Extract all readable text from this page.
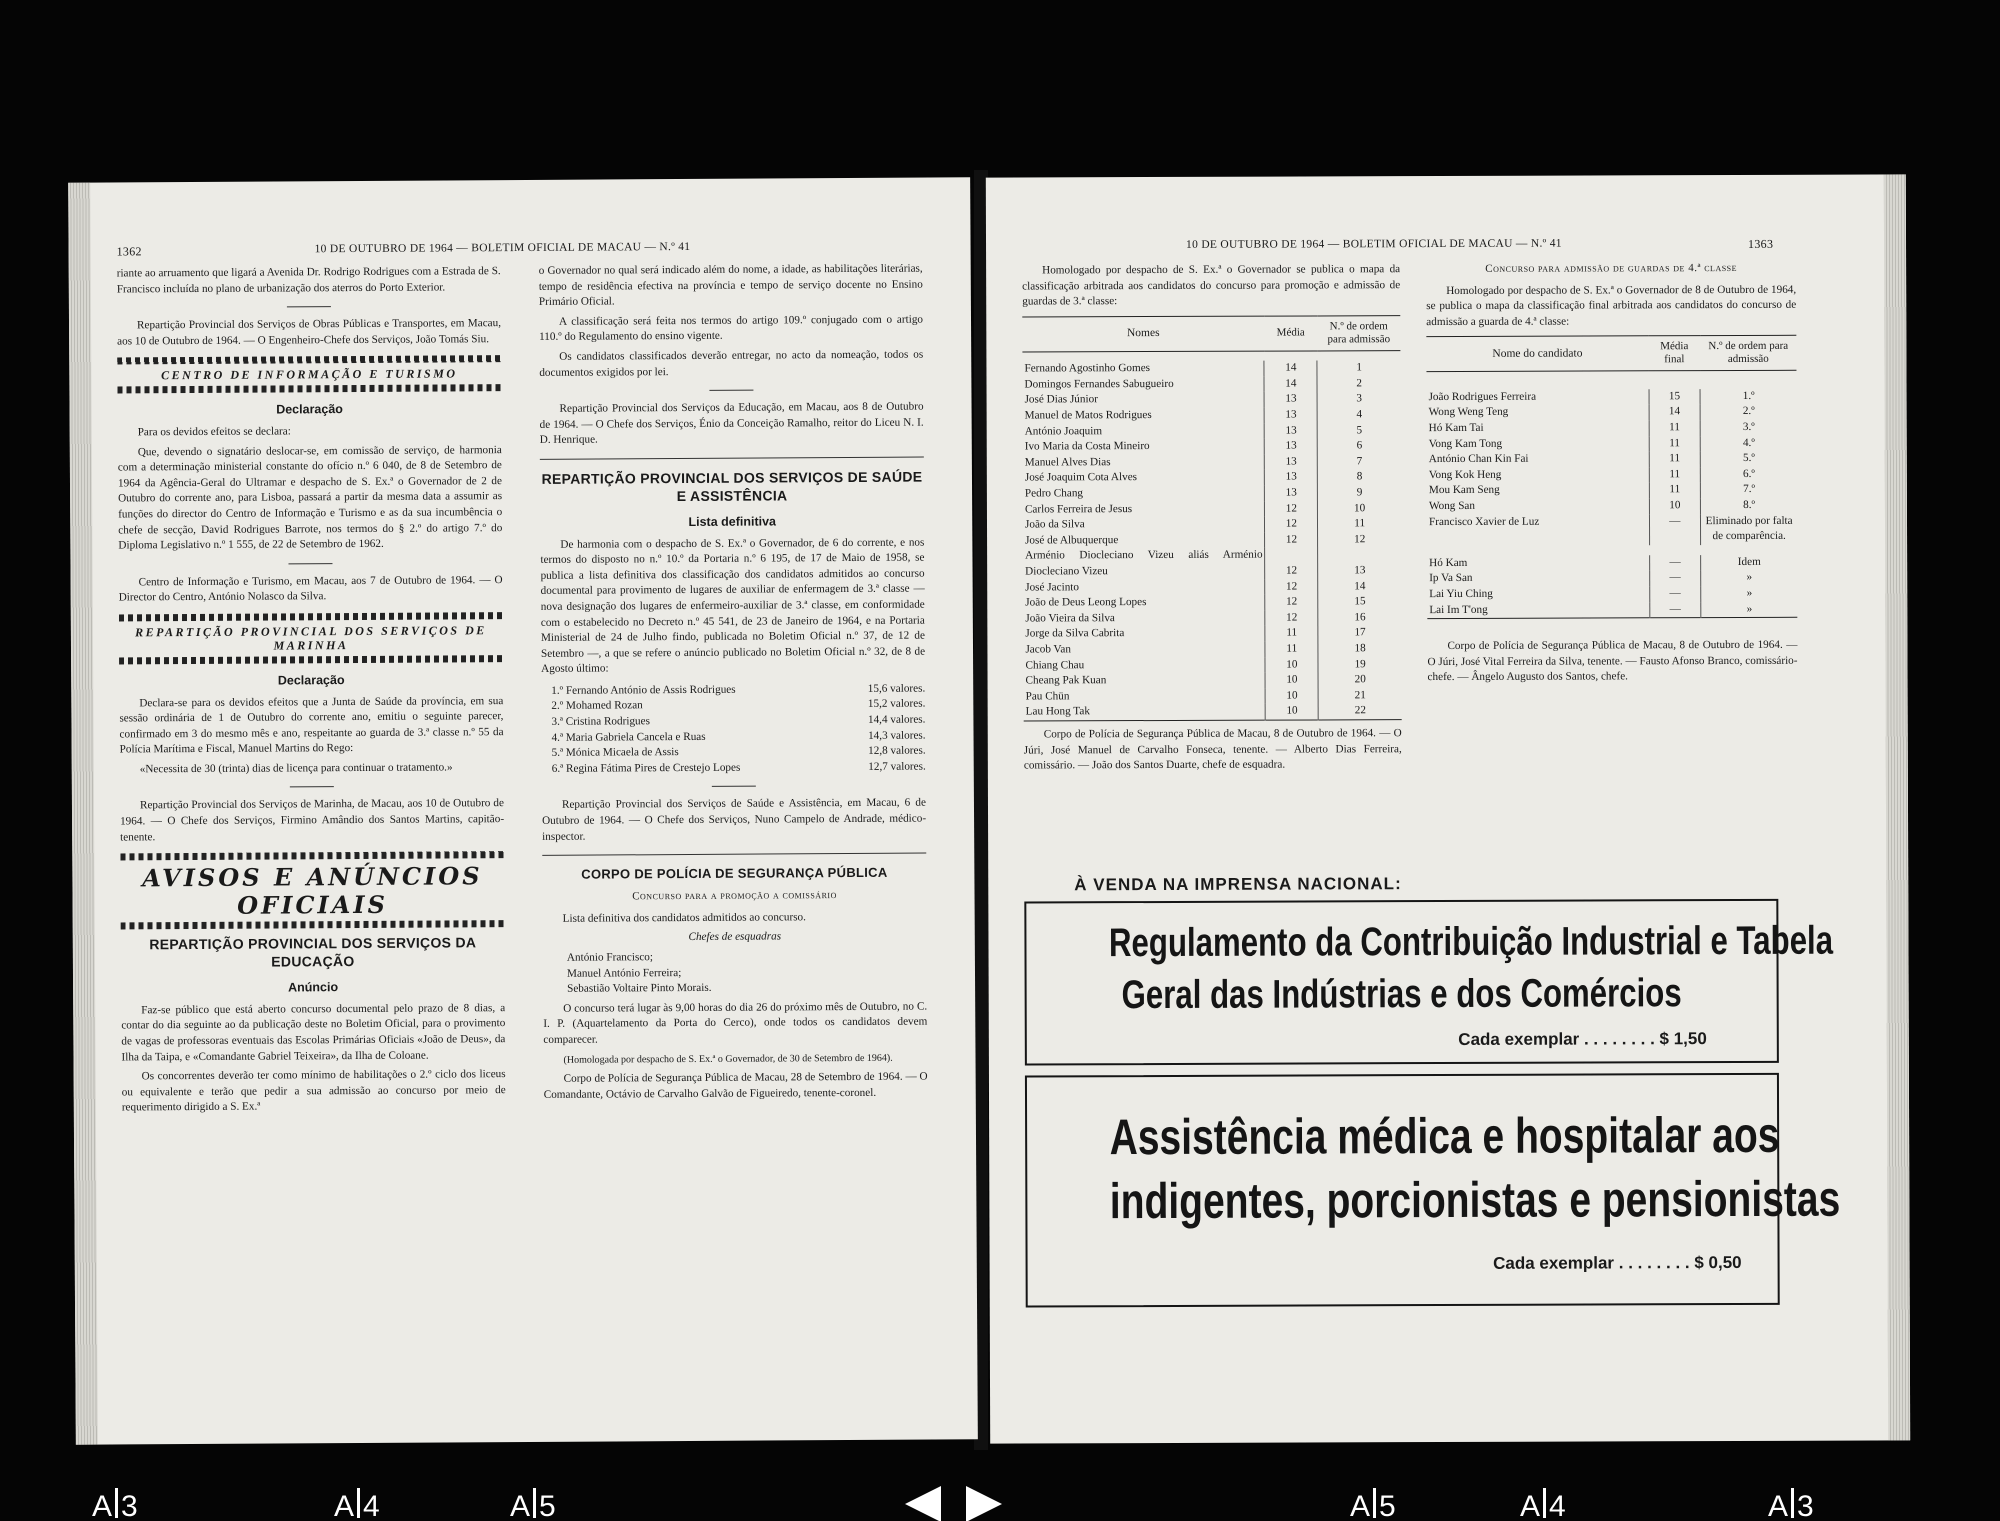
1362	10 DE OUTUBRO DE 1964 — BOLETIM OFICIAL DE MACAU — N.º 41

riante ao arruamento que ligará a Avenida Dr. Rodrigo Rodrigues com a Estrada de S. Francisco incluída no plano de urbanização dos aterros do Porto Exterior.

Repartição Provincial dos Serviços de Obras Públicas e Transportes, em Macau, aos 10 de Outubro de 1964. — O Engenheiro-Chefe dos Serviços, João Tomás Siu.

CENTRO DE INFORMAÇÃO E TURISMO
Declaração

Para os devidos efeitos se declara:

Que, devendo o signatário deslocar-se, em comissão de serviço, de harmonia com a determinação ministerial constante do ofício n.º 6 040, de 8 de Setembro de 1964 da Agência-Geral do Ultramar e despacho de S. Ex.ª o Governador de 2 de Outubro do corrente ano, para Lisboa, passará a partir da mesma data a assumir as funções do director do Centro de Informação e Turismo e as da sua incumbência o chefe de secção, David Rodrigues Barrote, nos termos do § 2.º do artigo 7.º do Diploma Legislativo n.º 1 555, de 22 de Setembro de 1962.

Centro de Informação e Turismo, em Macau, aos 7 de Outubro de 1964. — O Director do Centro, António Nolasco da Silva.

REPARTIÇÃO PROVINCIAL DOS SERVIÇOS DE MARINHA
Declaração

Declara-se para os devidos efeitos que a Junta de Saúde da província, em sua sessão ordinária de 1 de Outubro do corrente ano, emitiu o seguinte parecer, confirmado em 3 do mesmo mês e ano, respeitante ao guarda de 3.ª classe n.º 55 da Polícia Marítima e Fiscal, Manuel Martins do Rego:

«Necessita de 30 (trinta) dias de licença para continuar o tratamento.»

Repartição Provincial dos Serviços de Marinha, de Macau, aos 10 de Outubro de 1964. — O Chefe dos Serviços, Firmino Amândio dos Santos Martins, capitão-tenente.

AVISOS E ANÚNCIOS OFICIAIS
REPARTIÇÃO PROVINCIAL DOS SERVIÇOS DA EDUCAÇÃO
Anúncio

Faz-se público que está aberto concurso documental pelo prazo de 8 dias, a contar do dia seguinte ao da publicação deste no Boletim Oficial, para o provimento de vagas de professoras eventuais das Escolas Primárias Oficiais «João de Deus», da Ilha da Taipa, e «Comandante Gabriel Teixeira», da Ilha de Coloane.

Os concorrentes deverão ter como mínimo de habilitações o 2.º ciclo dos liceus ou equivalente e terão que pedir a sua admissão ao concurso por meio de requerimento dirigido a S. Ex.ª

o Governador no qual será indicado além do nome, a idade, as habilitações literárias, tempo de residência efectiva na província e tempo de serviço docente no Ensino Primário Oficial.

A classificação será feita nos termos do artigo 109.º conjugado com o artigo 110.º do Regulamento do ensino vigente.

Os candidatos classificados deverão entregar, no acto da nomeação, todos os documentos exigidos por lei.

Repartição Provincial dos Serviços da Educação, em Macau, aos 8 de Outubro de 1964. — O Chefe dos Serviços, Énio da Conceição Ramalho, reitor do Liceu N. I. D. Henrique.

REPARTIÇÃO PROVINCIAL DOS SERVIÇOS DE SAÚDE E ASSISTÊNCIA
Lista definitiva

De harmonia com o despacho de S. Ex.ª o Governador, de 6 do corrente, e nos termos do disposto no n.º 10.º da Portaria n.º 6 195, de 17 de Maio de 1958, se publica a lista definitiva dos classificação dos candidatos admitidos ao concurso documental para provimento de lugares de auxiliar de enfermagem de 3.ª classe — nova designação dos lugares de enfermeiro-auxiliar de 3.ª classe, em conformidade com o estabelecido no Decreto n.º 45 541, de 23 de Janeiro de 1964, e na Portaria Ministerial de 24 de Julho findo, publicada no Boletim Oficial n.º 37, de 12 de Setembro —, a que se refere o anúncio publicado no Boletim Oficial n.º 32, de 8 de Agosto último:

1.º Fernando António de Assis Rodrigues	15,6 valores.
2.º Mohamed Rozan	15,2 valores.
3.ª Cristina Rodrigues	14,4 valores.
4.ª Maria Gabriela Cancela e Ruas	14,3 valores.
5.ª Mónica Micaela de Assis	12,8 valores.
6.ª Regina Fátima Pires de Crestejo Lopes	12,7 valores.

Repartição Provincial dos Serviços de Saúde e Assistência, em Macau, 6 de Outubro de 1964. — O Chefe dos Serviços, Nuno Campelo de Andrade, médico-inspector.

CORPO DE POLÍCIA DE SEGURANÇA PÚBLICA
Concurso para a promoção a comissário

Lista definitiva dos candidatos admitidos ao concurso.

Chefes de esquadras

António Francisco;

Manuel António Ferreira;

Sebastião Voltaire Pinto Morais.

O concurso terá lugar às 9,00 horas do dia 26 do próximo mês de Outubro, no C. I. P. (Aquartelamento da Porta do Cerco), onde todos os candidatos devem comparecer.

(Homologada por despacho de S. Ex.ª o Governador, de 30 de Setembro de 1964).

Corpo de Polícia de Segurança Pública de Macau, 28 de Setembro de 1964. — O Comandante, Octávio de Carvalho Galvão de Figueiredo, tenente-coronel.

10 DE OUTUBRO DE 1964 — BOLETIM OFICIAL DE MACAU — N.º 41	1363

Homologado por despacho de S. Ex.ª o Governador se publica o mapa da classificação arbitrada aos candidatos do concurso para promoção e admissão de guardas de 3.ª classe:

Nomes	Média	N.º de ordem para admissão

Fernando Agostinho Gomes	14	1
Domingos Fernandes Sabugueiro	14	2
José Dias Júnior	13	3
Manuel de Matos Rodrigues	13	4
António Joaquim	13	5
Ivo Maria da Costa Mineiro	13	6
Manuel Alves Dias	13	7
José Joaquim Cota Alves	13	8
Pedro Chang	13	9
Carlos Ferreira de Jesus	12	10
João da Silva	12	11
José de Albuquerque	12	12
Arménio Diocleciano Vizeu aliás Arménio Diocleciano Vizeu	12	13
José Jacinto	12	14
João de Deus Leong Lopes	12	15
João Vieira da Silva	12	16
Jorge da Silva Cabrita	11	17
Jacob Van	11	18
Chiang Chau	10	19
Cheang Pak Kuan	10	20
Pau Chün	10	21
Lau Hong Tak	10	22

Corpo de Polícia de Segurança Pública de Macau, 8 de Outubro de 1964. — O Júri, José Manuel de Carvalho Fonseca, tenente. — Alberto Dias Ferreira, comissário. — João dos Santos Duarte, chefe de esquadra.

Concurso para admissão de guardas de 4.ª classe

Homologado por despacho de S. Ex.ª o Governador de 8 de Outubro de 1964, se publica o mapa da classificação final arbitrada aos candidatos do concurso de admissão a guarda de 4.ª classe:

Nome do candidato	Média final	N.º de ordem para admissão

João Rodrigues Ferreira	15	1.º
Wong Weng Teng	14	2.º
Hó Kam Tai	11	3.º
Vong Kam Tong	11	4.º
António Chan Kin Fai	11	5.º
Vong Kok Heng	11	6.º
Mou Kam Seng	11	7.º
Wong San	10	8.º
Francisco Xavier de Luz	—	Eliminado por falta de comparência.

Hó Kam	—	Idem
Ip Va San	—	»
Lai Yiu Ching	—	»
Lai Im T'ong	—	»

Corpo de Polícia de Segurança Pública de Macau, 8 de Outubro de 1964. — O Júri, José Vital Ferreira da Silva, tenente. — Fausto Afonso Branco, comissário-chefe. — Ângelo Augusto dos Santos, chefe.

À VENDA NA IMPRENSA NACIONAL:
Regulamento da Contribuição Industrial e Tabela
Geral das Indústrias e dos Comércios
Cada exemplar . . . . . . . . $ 1,50
Assistência médica e hospitalar aos
indigentes, porcionistas e pensionistas
Cada exemplar . . . . . . . . $ 0,50
A 3	A 4	A 5	A 5	A 4	A 3
